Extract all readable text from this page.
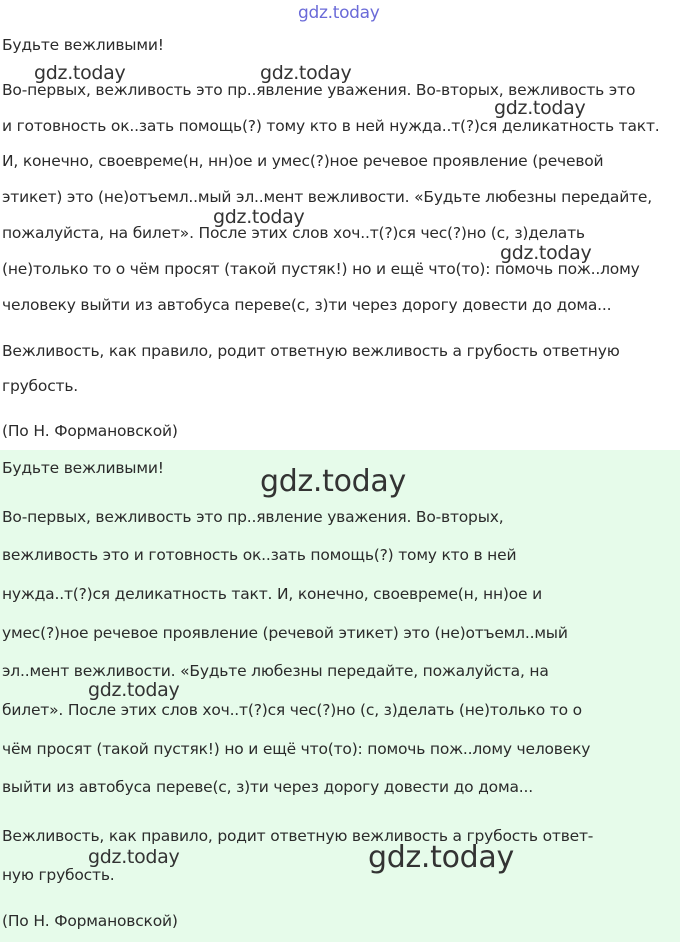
gdz.today
Будьте вежливыми!
Во-первых, вежливость это пр..явление уважения. Во-вторых, вежливость это
и готовность ок..зать помощь(?) тому кто в ней нужда..т(?)ся деликатность такт.
И, конечно, своевреме(н, нн)ое и умес(?)ное речевое проявление (речевой
этикет) это (не)отъемл..мый эл..мент вежливости. «Будьте любезны передайте,
пожалуйста, на билет». После этих слов хоч..т(?)ся чес(?)но (с, з)делать
(не)только то о чём просят (такой пустяк!) но и ещё что(то): помочь пож..лому
человеку выйти из автобуса переве(с, з)ти через дорогу довести до дома...
Вежливость, как правило, родит ответную вежливость а грубость ответную
грубость.
(По Н. Формановской)
gdz.today	gdz.today
gdz.today
gdz.today
gdz.today
Будьте вежливыми!
Во-первых, вежливость это пр..явление уважения. Во-вторых,
вежливость это и готовность ок..зать помощь(?) тому кто в ней
нужда..т(?)ся деликатность такт. И, конечно, своевреме(н, нн)ое и
умес(?)ное речевое проявление (речевой этикет) это (не)отъемл..мый
эл..мент вежливости. «Будьте любезны передайте, пожалуйста, на
билет». После этих слов хоч..т(?)ся чес(?)но (с, з)делать (не)только то о
чём просят (такой пустяк!) но и ещё что(то): помочь пож..лому человеку
выйти из автобуса переве(с, з)ти через дорогу довести до дома...
Вежливость, как правило, родит ответную вежливость а грубость ответ-
ную грубость.
(По Н. Формановской)
gdz.today
gdz.today
gdz.today	gdz.today
